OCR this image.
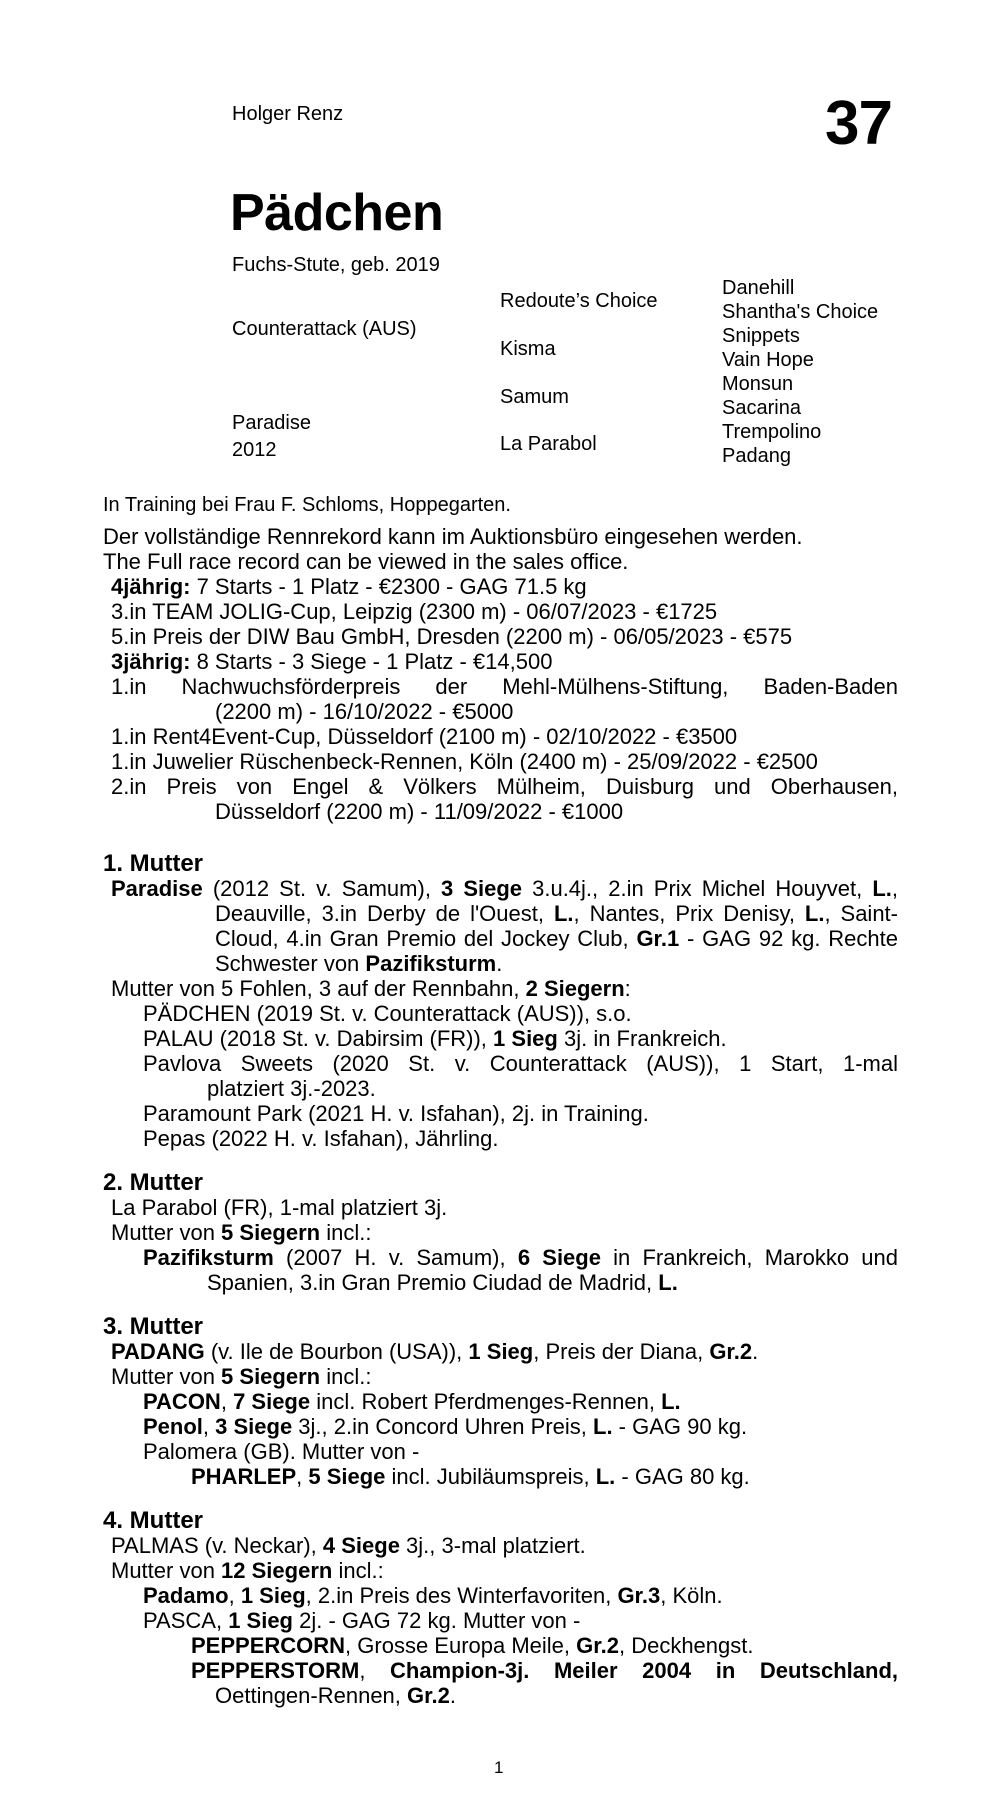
Holger Renz	37
Pädchen
Fuchs-Stute, geb. 2019
Counterattack (AUS)
Paradise
2012
Redoute’s Choice
Kisma
Samum
La Parabol
Danehill
Shantha's Choice
Snippets
Vain Hope
Monsun
Sacarina
Trempolino
Padang
In Training bei Frau F. Schloms, Hoppegarten.

Der vollständige Rennrekord kann im Auktionsbüro eingesehen werden.

The Full race record can be viewed in the sales office.

4jährig: 7 Starts - 1 Platz - €2300 - GAG 71.5 kg

3.in TEAM JOLIG-Cup, Leipzig (2300 m) - 06/07/2023 - €1725

5.in Preis der DIW Bau GmbH, Dresden (2200 m) - 06/05/2023 - €575

3jährig: 8 Starts - 3 Siege - 1 Platz - €14,500

1.in Nachwuchsförderpreis der Mehl-Mülhens-Stiftung, Baden-Baden

(2200 m) - 16/10/2022 - €5000

1.in Rent4Event-Cup, Düsseldorf (2100 m) - 02/10/2022 - €3500

1.in Juwelier Rüschenbeck-Rennen, Köln (2400 m) - 25/09/2022 - €2500

2.in Preis von Engel & Völkers Mülheim, Duisburg und Oberhausen,

Düsseldorf (2200 m) - 11/09/2022 - €1000

1. Mutter

Paradise (2012 St. v. Samum), 3 Siege 3.u.4j., 2.in Prix Michel Houyvet, L., Deauville, 3.in Derby de l'Ouest, L., Nantes, Prix Denisy, L., Saint-Cloud, 4.in Gran Premio del Jockey Club, Gr.1 - GAG 92 kg. Rechte Schwester von Pazifiksturm.

Mutter von 5 Fohlen, 3 auf der Rennbahn, 2 Siegern:

PÄDCHEN (2019 St. v. Counterattack (AUS)), s.o.

PALAU (2018 St. v. Dabirsim (FR)), 1 Sieg 3j. in Frankreich.

Pavlova Sweets (2020 St. v. Counterattack (AUS)), 1 Start, 1-mal

platziert 3j.-2023.

Paramount Park (2021 H. v. Isfahan), 2j. in Training.

Pepas (2022 H. v. Isfahan), Jährling.

2. Mutter

La Parabol (FR), 1-mal platziert 3j.

Mutter von 5 Siegern incl.:

Pazifiksturm (2007 H. v. Samum), 6 Siege in Frankreich, Marokko und Spanien, 3.in Gran Premio Ciudad de Madrid, L.

3. Mutter

PADANG (v. Ile de Bourbon (USA)), 1 Sieg, Preis der Diana, Gr.2.

Mutter von 5 Siegern incl.:

PACON, 7 Siege incl. Robert Pferdmenges-Rennen, L.

Penol, 3 Siege 3j., 2.in Concord Uhren Preis, L. - GAG 90 kg.

Palomera (GB). Mutter von -

PHARLEP, 5 Siege incl. Jubiläumspreis, L. - GAG 80 kg.

4. Mutter

PALMAS (v. Neckar), 4 Siege 3j., 3-mal platziert.

Mutter von 12 Siegern incl.:

Padamo, 1 Sieg, 2.in Preis des Winterfavoriten, Gr.3, Köln.

PASCA, 1 Sieg 2j. - GAG 72 kg. Mutter von -

PEPPERCORN, Grosse Europa Meile, Gr.2, Deckhengst.

PEPPERSTORM, Champion-3j. Meiler 2004 in Deutschland, Oettingen-Rennen, Gr.2.

1
